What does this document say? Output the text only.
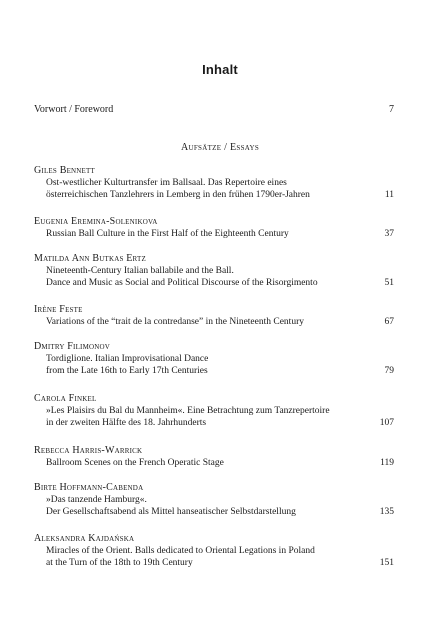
Inhalt
Vorwort / Foreword	7
Aufsätze / Essays
Giles Bennett
Ost-westlicher Kulturtransfer im Ballsaal. Das Repertoire eines
österreichischen Tanzlehrers in Lemberg in den frühen 1790er-Jahren	11
Eugenia Eremina-Solenikova
Russian Ball Culture in the First Half of the Eighteenth Century	37
Matilda Ann Butkas Ertz
Nineteenth-Century Italian ballabile and the Ball.
Dance and Music as Social and Political Discourse of the Risorgimento	51
Irène Feste
Variations of the “trait de la contredanse” in the Nineteenth Century	67
Dmitry Filimonov
Tordiglione. Italian Improvisational Dance
from the Late 16th to Early 17th Centuries	79
Carola Finkel
»Les Plaisirs du Bal du Mannheim«. Eine Betrachtung zum Tanzrepertoire
in der zweiten Hälfte des 18. Jahrhunderts	107
Rebecca Harris-Warrick
Ballroom Scenes on the French Operatic Stage	119
Birte Hoffmann-Cabenda
»Das tanzende Hamburg«.
Der Gesellschaftsabend als Mittel hanseatischer Selbstdarstellung	135
Aleksandra Kajdańska
Miracles of the Orient. Balls dedicated to Oriental Legations in Poland
at the Turn of the 18th to 19th Century	151
